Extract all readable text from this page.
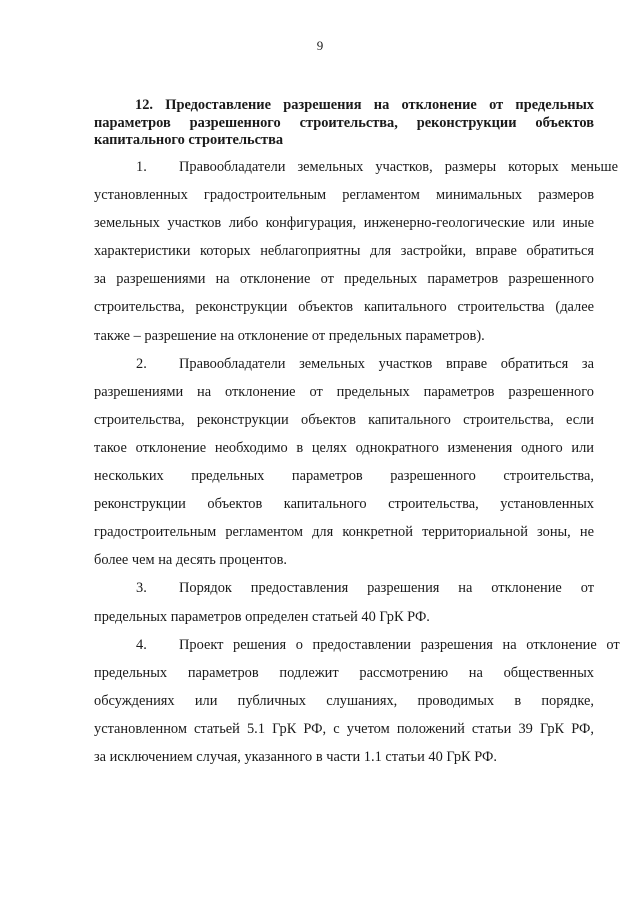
9
12. Предоставление разрешения на отклонение от предельных
параметров разрешенного строительства, реконструкции объектов
капитального строительства
1. Правообладатели земельных участков, размеры которых меньше
установленных градостроительным регламентом минимальных размеров
земельных участков либо конфигурация, инженерно-геологические или иные
характеристики которых неблагоприятны для застройки, вправе обратиться
за разрешениями на отклонение от предельных параметров разрешенного
строительства, реконструкции объектов капитального строительства (далее
также – разрешение на отклонение от предельных параметров).
2. Правообладатели земельных участков вправе обратиться за
разрешениями на отклонение от предельных параметров разрешенного
строительства, реконструкции объектов капитального строительства, если
такое отклонение необходимо в целях однократного изменения одного или
нескольких предельных параметров разрешенного строительства,
реконструкции объектов капитального строительства, установленных
градостроительным регламентом для конкретной территориальной зоны, не
более чем на десять процентов.
3. Порядок предоставления разрешения на отклонение от
предельных параметров определен статьей 40 ГрК РФ.
4. Проект решения о предоставлении разрешения на отклонение от
предельных параметров подлежит рассмотрению на общественных
обсуждениях или публичных слушаниях, проводимых в порядке,
установленном статьей 5.1 ГрК РФ, с учетом положений статьи 39 ГрК РФ,
за исключением случая, указанного в части 1.1 статьи 40 ГрК РФ.
